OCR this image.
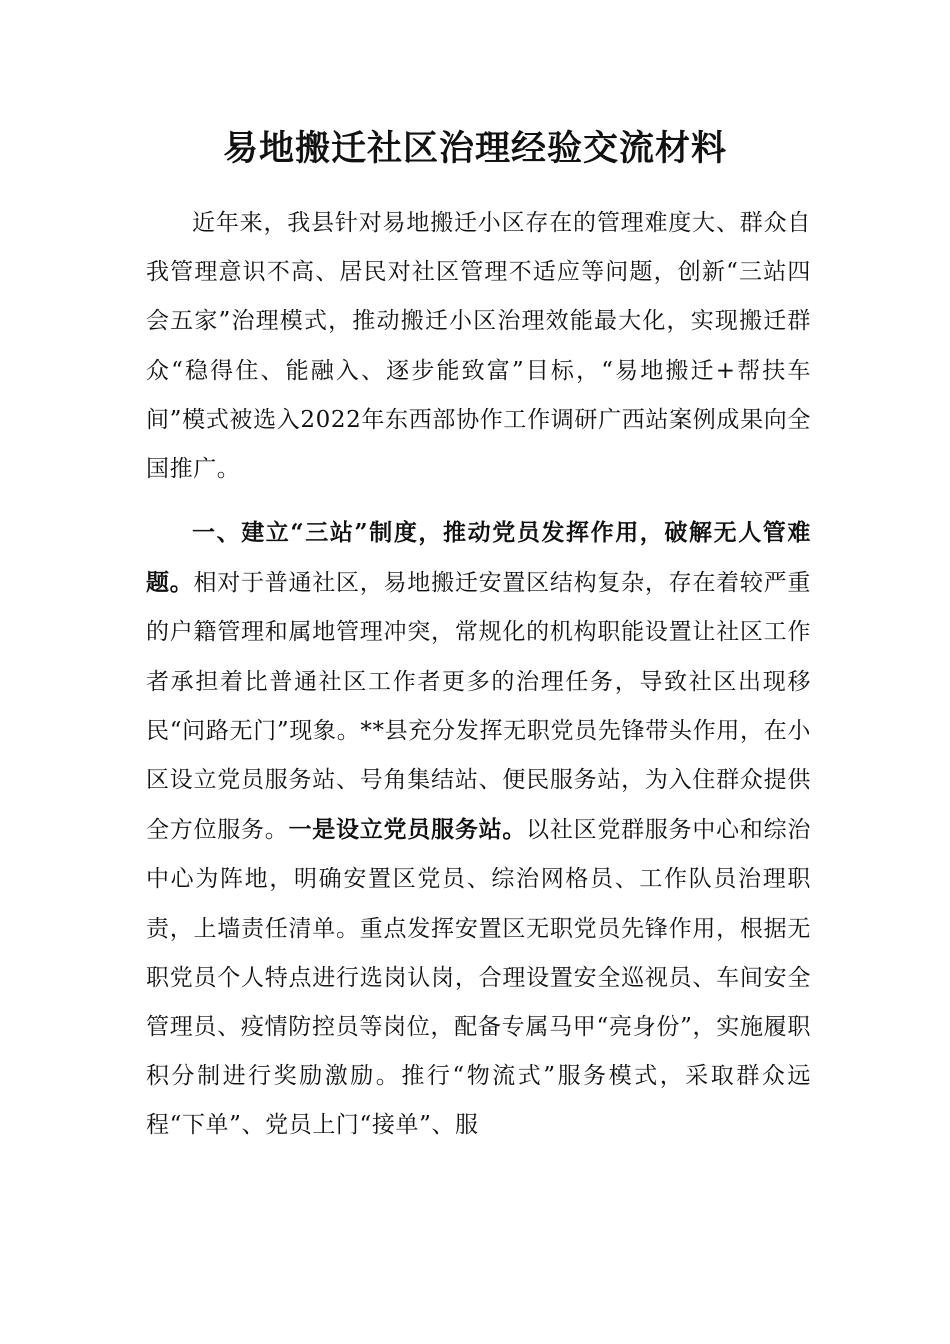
易地搬迁社区治理经验交流材料

近年来，我县针对易地搬迁小区存在的管理难度大、群众自我管理意识不高、居民对社区管理不适应等问题，创新“三站四会五家”治理模式，推动搬迁小区治理效能最大化，实现搬迁群众“稳得住、能融入、逐步能致富”目标，“易地搬迁+帮扶车间”模式被选入2022年东西部协作工作调研广西站案例成果向全国推广。

一、建立“三站”制度，推动党员发挥作用，破解无人管难题。相对于普通社区，易地搬迁安置区结构复杂，存在着较严重的户籍管理和属地管理冲突，常规化的机构职能设置让社区工作者承担着比普通社区工作者更多的治理任务，导致社区出现移民“问路无门”现象。**县充分发挥无职党员先锋带头作用，在小区设立党员服务站、号角集结站、便民服务站，为入住群众提供全方位服务。一是设立党员服务站。以社区党群服务中心和综治中心为阵地，明确安置区党员、综治网格员、工作队员治理职责，上墙责任清单。重点发挥安置区无职党员先锋作用，根据无职党员个人特点进行选岗认岗，合理设置安全巡视员、车间安全管理员、疫情防控员等岗位，配备专属马甲“亮身份”，实施履职积分制进行奖励激励。推行“物流式”服务模式，采取群众远程“下单”、党员上门“接单”、服
